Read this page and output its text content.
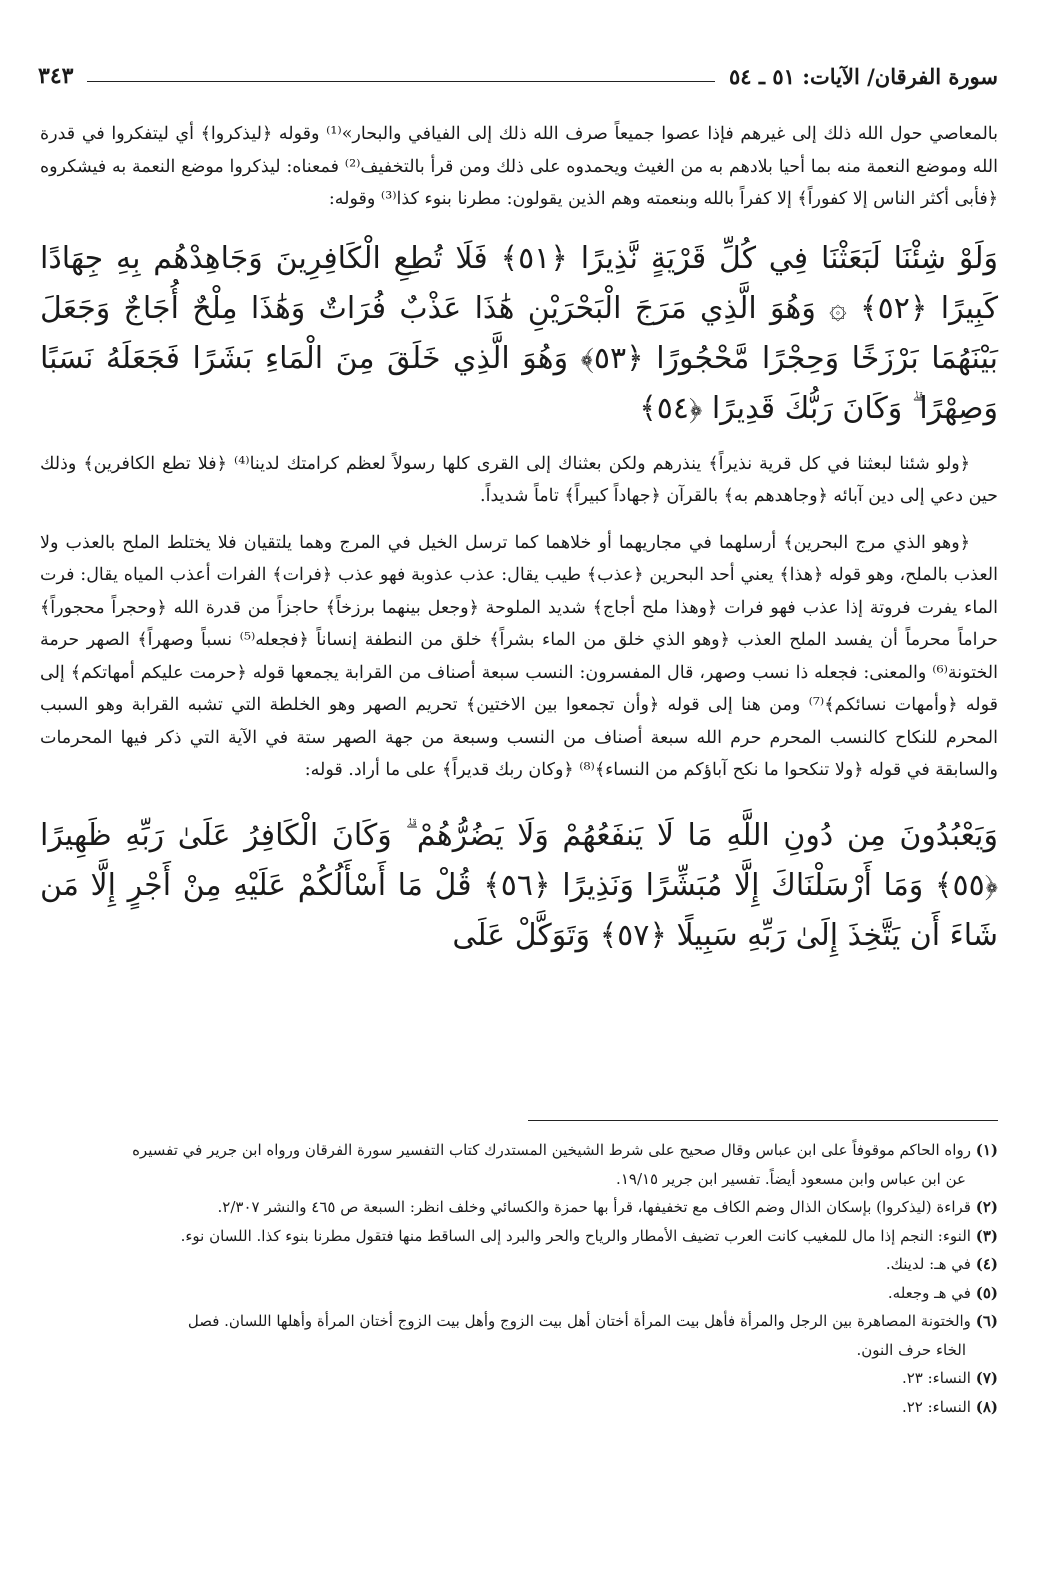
سورة الفرقان/ الآيات: ٥١ ـ ٥٤
٣٤٣

بالمعاصي حول الله ذلك إلى غيرهم فإذا عصوا جميعاً صرف الله ذلك إلى الفيافي والبحار»⁽¹⁾ وقوله ﴿ليذكروا﴾ أي ليتفكروا في قدرة الله وموضع النعمة منه بما أحيا بلادهم به من الغيث ويحمدوه على ذلك ومن قرأ بالتخفيف⁽²⁾ فمعناه: ليذكروا موضع النعمة به فيشكروه ﴿فأبى أكثر الناس إلا كفوراً﴾ إلا كفراً بالله وبنعمته وهم الذين يقولون: مطرنا بنوء كذا⁽³⁾ وقوله:

وَلَوْ شِئْنَا لَبَعَثْنَا فِي كُلِّ قَرْيَةٍ نَّذِيرًا ﴿٥١﴾ فَلَا تُطِعِ الْكَافِرِينَ وَجَاهِدْهُم بِهِ جِهَادًا كَبِيرًا ﴿٥٢﴾ ۞ وَهُوَ الَّذِي مَرَجَ الْبَحْرَيْنِ هَٰذَا عَذْبٌ فُرَاتٌ وَهَٰذَا مِلْحٌ أُجَاجٌ وَجَعَلَ بَيْنَهُمَا بَرْزَخًا وَحِجْرًا مَّحْجُورًا ﴿٥٣﴾ وَهُوَ الَّذِي خَلَقَ مِنَ الْمَاءِ بَشَرًا فَجَعَلَهُ نَسَبًا وَصِهْرًا ۗ وَكَانَ رَبُّكَ قَدِيرًا ﴿٥٤﴾

﴿ولو شئنا لبعثنا في كل قرية نذيراً﴾ ينذرهم ولكن بعثناك إلى القرى كلها رسولاً لعظم كرامتك لدينا⁽⁴⁾ ﴿فلا تطع الكافرين﴾ وذلك حين دعي إلى دين آبائه ﴿وجاهدهم به﴾ بالقرآن ﴿جهاداً كبيراً﴾ تاماً شديداً.

﴿وهو الذي مرج البحرين﴾ أرسلهما في مجاريهما أو خلاهما كما ترسل الخيل في المرج وهما يلتقيان فلا يختلط الملح بالعذب ولا العذب بالملح، وهو قوله ﴿هذا﴾ يعني أحد البحرين ﴿عذب﴾ طيب يقال: عذب عذوبة فهو عذب ﴿فرات﴾ الفرات أعذب المياه يقال: فرت الماء يفرت فروتة إذا عذب فهو فرات ﴿وهذا ملح أجاج﴾ شديد الملوحة ﴿وجعل بينهما برزخاً﴾ حاجزاً من قدرة الله ﴿وحجراً محجوراً﴾ حراماً محرماً أن يفسد الملح العذب ﴿وهو الذي خلق من الماء بشراً﴾ خلق من النطفة إنساناً ﴿فجعله⁽⁵⁾ نسباً وصهراً﴾ الصهر حرمة الختونة⁽⁶⁾ والمعنى: فجعله ذا نسب وصهر، قال المفسرون: النسب سبعة أصناف من القرابة يجمعها قوله ﴿حرمت عليكم أمهاتكم﴾ إلى قوله ﴿وأمهات نسائكم﴾⁽⁷⁾ ومن هنا إلى قوله ﴿وأن تجمعوا بين الاختين﴾ تحريم الصهر وهو الخلطة التي تشبه القرابة وهو السبب المحرم للنكاح كالنسب المحرم حرم الله سبعة أصناف من النسب وسبعة من جهة الصهر ستة في الآية التي ذكر فيها المحرمات والسابقة في قوله ﴿ولا تنكحوا ما نكح آباؤكم من النساء﴾⁽⁸⁾ ﴿وكان ربك قديراً﴾ على ما أراد. قوله:

وَيَعْبُدُونَ مِن دُونِ اللَّهِ مَا لَا يَنفَعُهُمْ وَلَا يَضُرُّهُمْ ۗ وَكَانَ الْكَافِرُ عَلَىٰ رَبِّهِ ظَهِيرًا ﴿٥٥﴾ وَمَا أَرْسَلْنَاكَ إِلَّا مُبَشِّرًا وَنَذِيرًا ﴿٥٦﴾ قُلْ مَا أَسْأَلُكُمْ عَلَيْهِ مِنْ أَجْرٍ إِلَّا مَن شَاءَ أَن يَتَّخِذَ إِلَىٰ رَبِّهِ سَبِيلًا ﴿٥٧﴾ وَتَوَكَّلْ عَلَى

(١) رواه الحاكم موقوفاً على ابن عباس وقال صحيح على شرط الشيخين المستدرك كتاب التفسير سورة الفرقان ورواه ابن جرير في تفسيره

عن ابن عباس وابن مسعود أيضاً. تفسير ابن جرير ١٩/١٥.

(٢) قراءة (ليذكروا) بإسكان الذال وضم الكاف مع تخفيفها، قرأ بها حمزة والكسائي وخلف انظر: السبعة ص ٤٦٥ والنشر ٢/٣٠٧.

(٣) النوء: النجم إذا مال للمغيب كانت العرب تضيف الأمطار والرياح والحر والبرد إلى الساقط منها فتقول مطرنا بنوء كذا. اللسان نوء.

(٤) في هـ: لدينك.

(٥) في هـ وجعله.

(٦) والختونة المصاهرة بين الرجل والمرأة فأهل بيت المرأة أختان أهل بيت الزوج وأهل بيت الزوج أختان المرأة وأهلها اللسان. فصل

الخاء حرف النون.

(٧) النساء: ٢٣.

(٨) النساء: ٢٢.
